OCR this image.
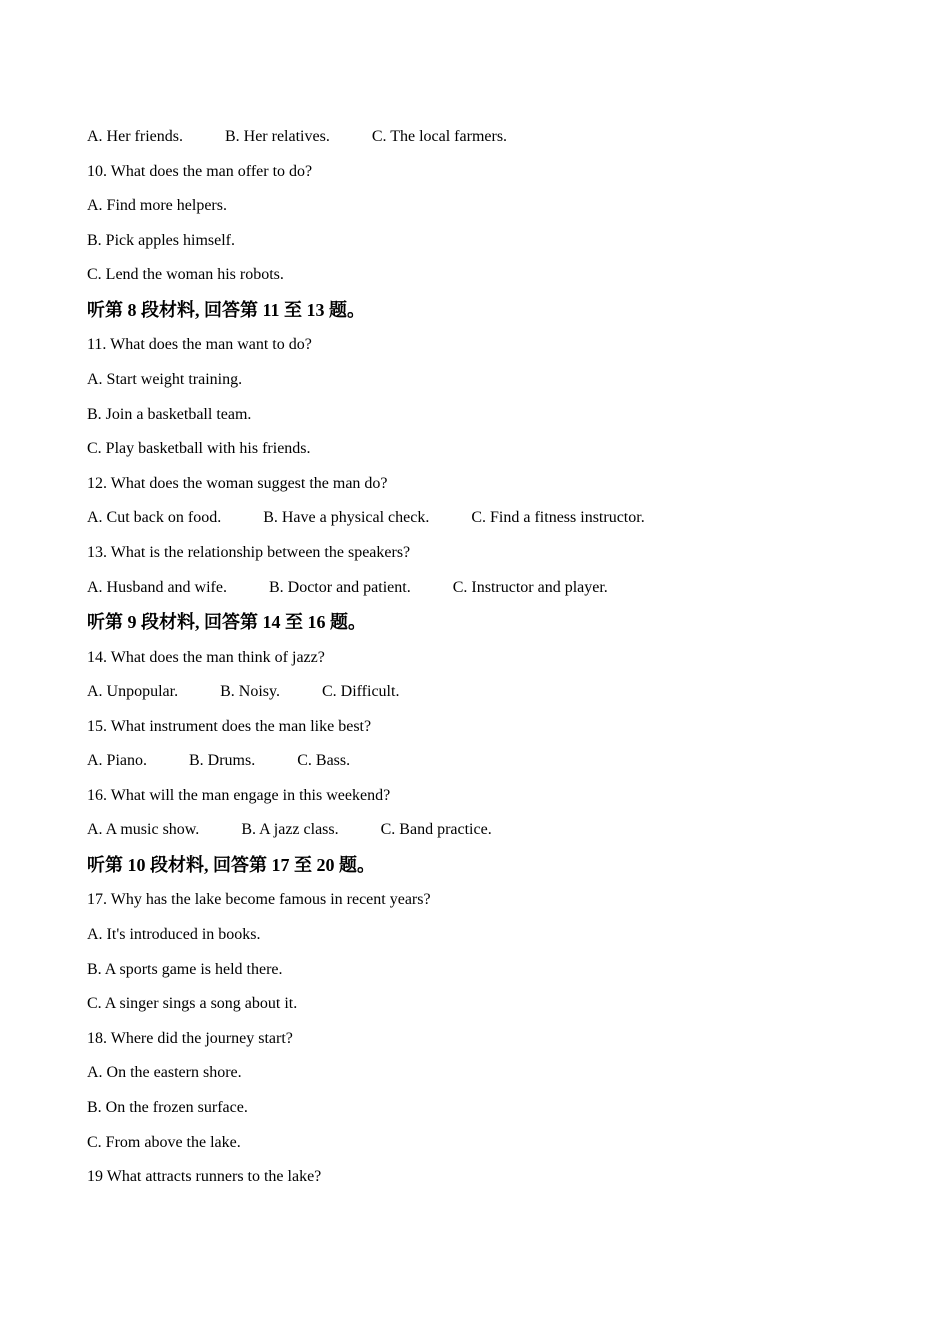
A. Her friends.	B. Her relatives.	C. The local farmers.
10. What does the man offer to do?
A. Find more helpers.
B. Pick apples himself.
C. Lend the woman his robots.
听第 8 段材料, 回答第 11 至 13 题。
11. What does the man want to do?
A. Start weight training.
B. Join a basketball team.
C. Play basketball with his friends.
12. What does the woman suggest the man do?
A. Cut back on food.	B. Have a physical check.	C. Find a fitness instructor.
13. What is the relationship between the speakers?
A. Husband and wife.	B. Doctor and patient.	C. Instructor and player.
听第 9 段材料, 回答第 14 至 16 题。
14. What does the man think of jazz?
A. Unpopular.	B. Noisy.	C. Difficult.
15. What instrument does the man like best?
A. Piano.	B. Drums.	C. Bass.
16. What will the man engage in this weekend?
A. A music show.	B. A jazz class.	C. Band practice.
听第 10 段材料, 回答第 17 至 20 题。
17. Why has the lake become famous in recent years?
A. It's introduced in books.
B. A sports game is held there.
C. A singer sings a song about it.
18. Where did the journey start?
A. On the eastern shore.
B. On the frozen surface.
C. From above the lake.
19 What attracts runners to the lake?
